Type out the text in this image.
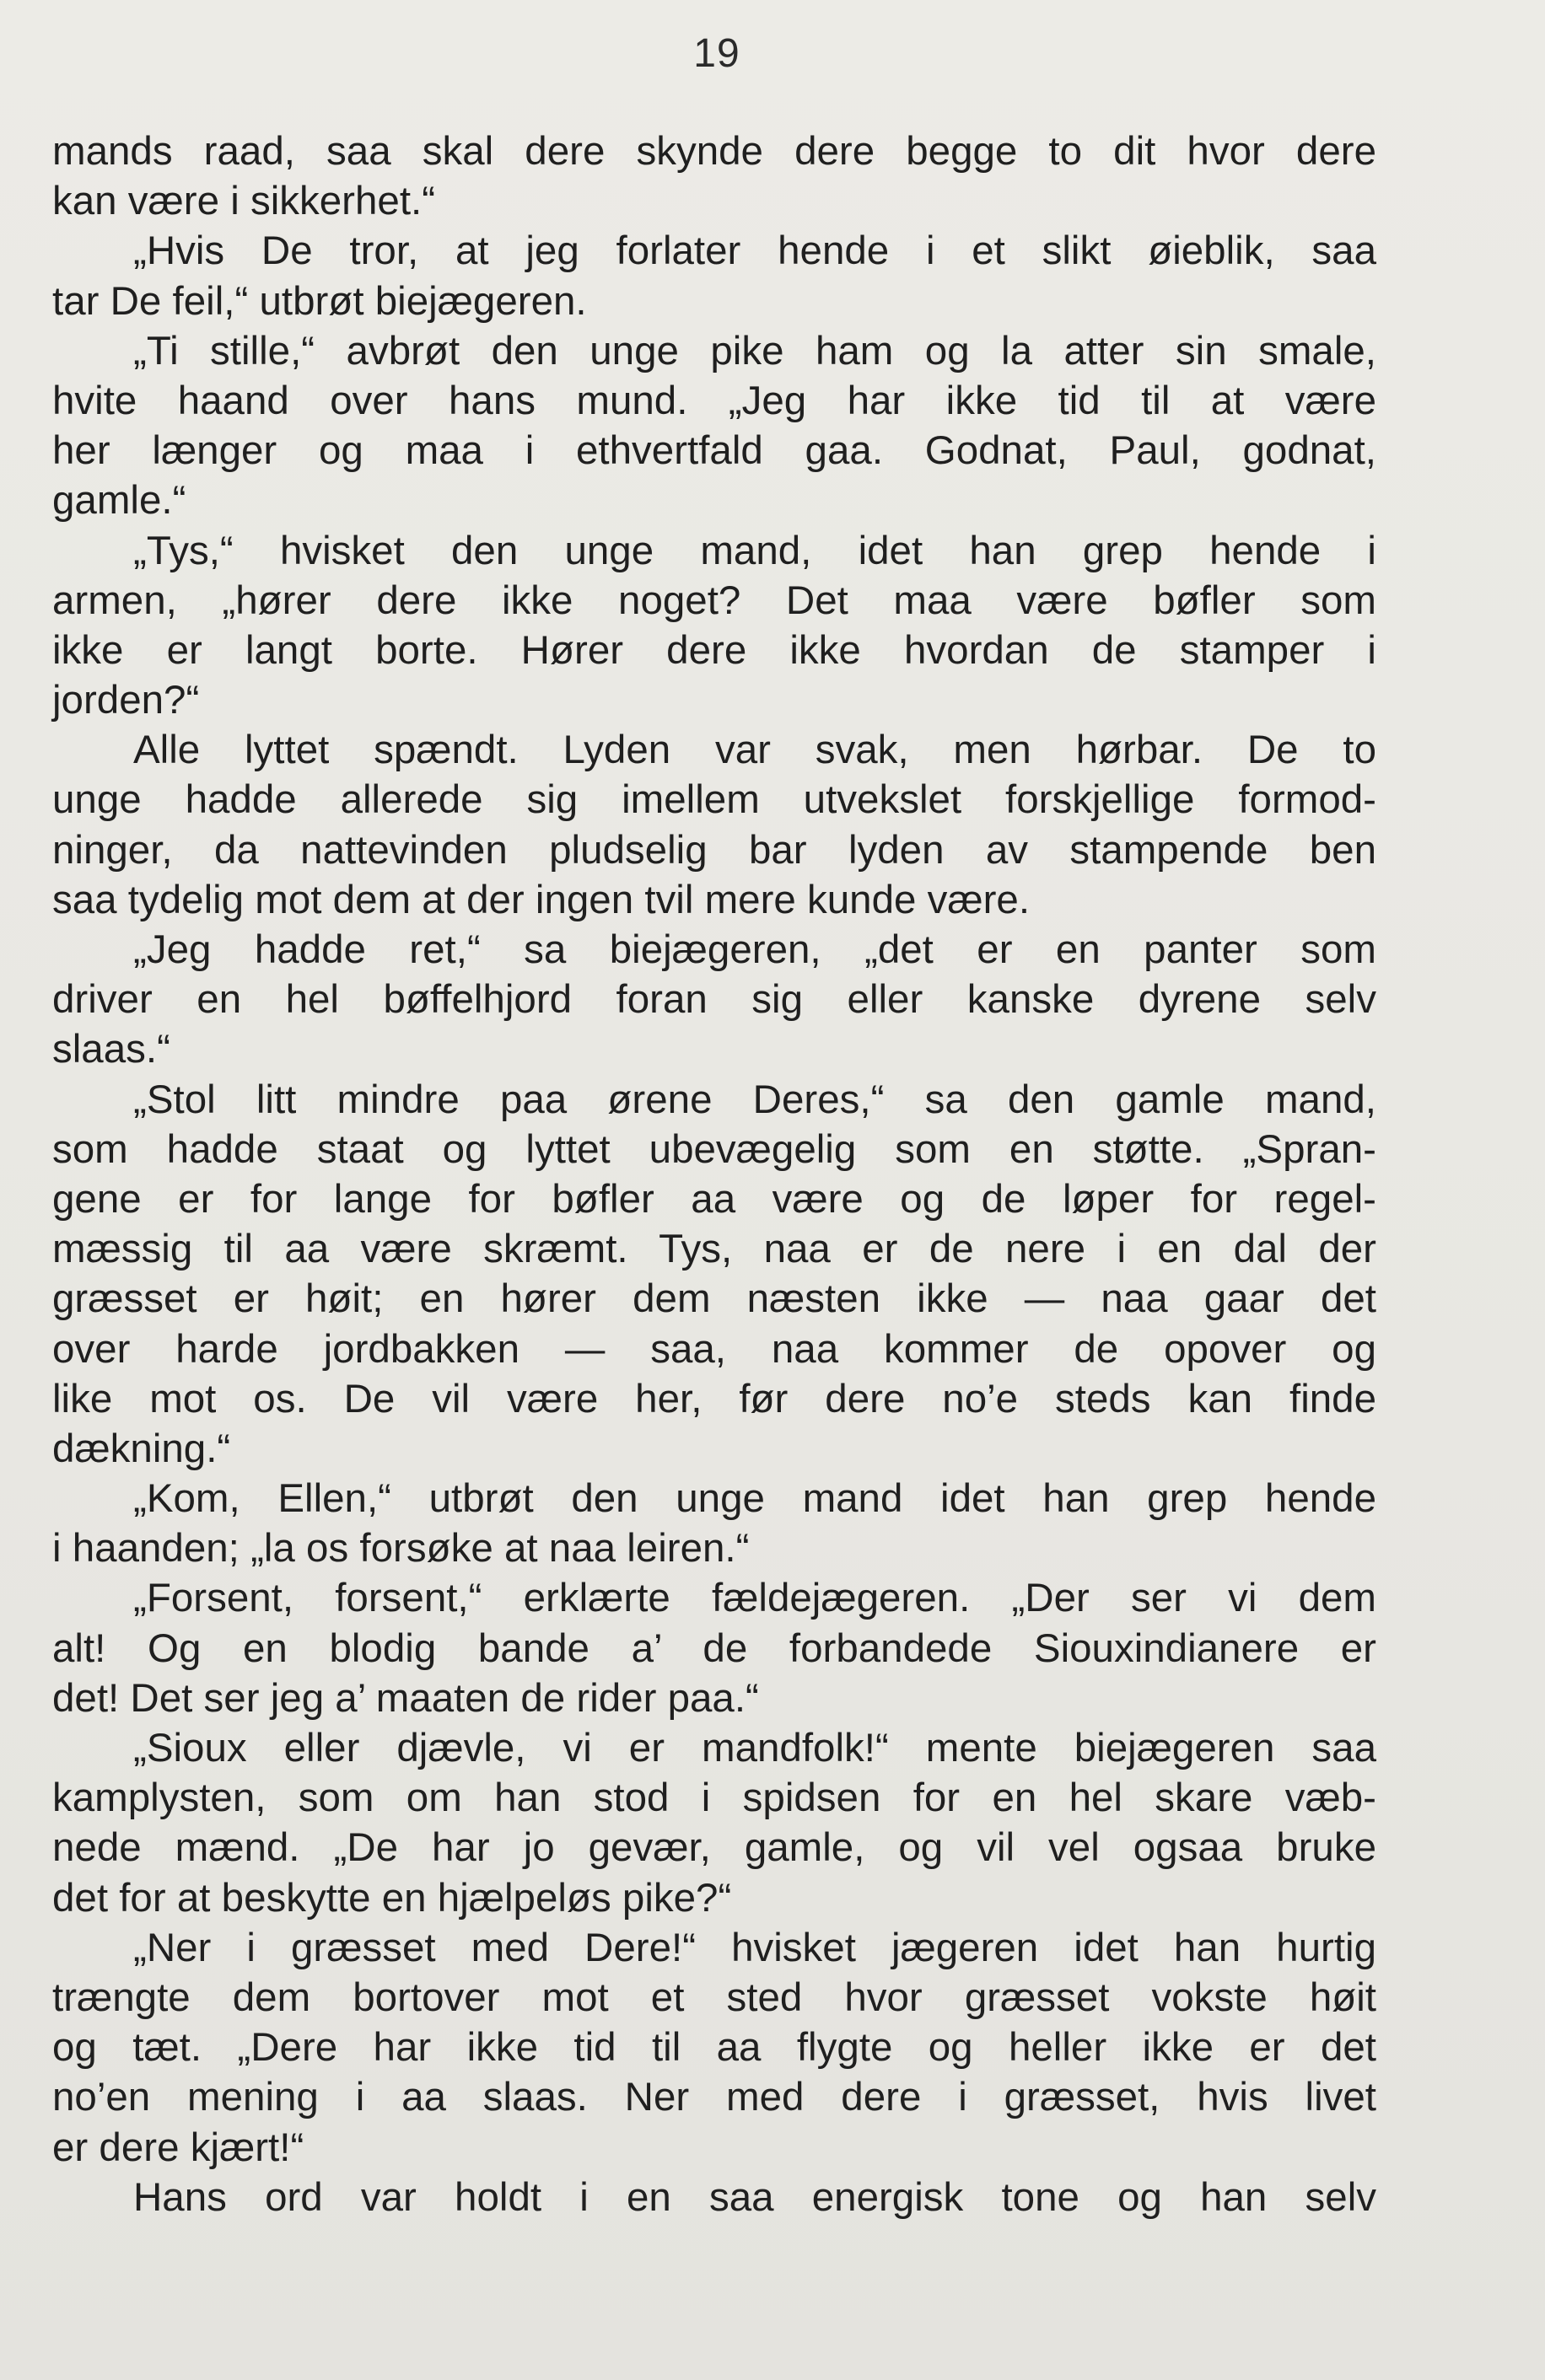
19
mands raad, saa skal dere skynde dere begge to dit hvor dere
kan være i sikkerhet.“
„Hvis De tror, at jeg forlater hende i et slikt øieblik, saa
tar De feil,“ utbrøt biejægeren.
„Ti stille,“ avbrøt den unge pike ham og la atter sin smale,
hvite haand over hans mund. „Jeg har ikke tid til at være
her længer og maa i ethvertfald gaa. Godnat, Paul, godnat,
gamle.“
„Tys,“ hvisket den unge mand, idet han grep hende i
armen, „hører dere ikke noget? Det maa være bøfler som
ikke er langt borte. Hører dere ikke hvordan de stamper i
jorden?“
Alle lyttet spændt. Lyden var svak, men hørbar. De to
unge hadde allerede sig imellem utvekslet forskjellige formod-
ninger, da nattevinden pludselig bar lyden av stampende ben
saa tydelig mot dem at der ingen tvil mere kunde være.
„Jeg hadde ret,“ sa biejægeren, „det er en panter som
driver en hel bøffelhjord foran sig eller kanske dyrene selv
slaas.“
„Stol litt mindre paa ørene Deres,“ sa den gamle mand,
som hadde staat og lyttet ubevægelig som en støtte. „Spran-
gene er for lange for bøfler aa være og de løper for regel-
mæssig til aa være skræmt. Tys, naa er de nere i en dal der
græsset er høit; en hører dem næsten ikke — naa gaar det
over harde jordbakken — saa, naa kommer de opover og
like mot os. De vil være her, før dere no’e steds kan finde
dækning.“
„Kom, Ellen,“ utbrøt den unge mand idet han grep hende
i haanden; „la os forsøke at naa leiren.“
„Forsent, forsent,“ erklærte fældejægeren. „Der ser vi dem
alt! Og en blodig bande a’ de forbandede Siouxindianere er
det! Det ser jeg a’ maaten de rider paa.“
„Sioux eller djævle, vi er mandfolk!“ mente biejægeren saa
kamplysten, som om han stod i spidsen for en hel skare væb-
nede mænd. „De har jo gevær, gamle, og vil vel ogsaa bruke
det for at beskytte en hjælpeløs pike?“
„Ner i græsset med Dere!“ hvisket jægeren idet han hurtig
trængte dem bortover mot et sted hvor græsset vokste høit
og tæt. „Dere har ikke tid til aa flygte og heller ikke er det
no’en mening i aa slaas. Ner med dere i græsset, hvis livet
er dere kjært!“
Hans ord var holdt i en saa energisk tone og han selv
